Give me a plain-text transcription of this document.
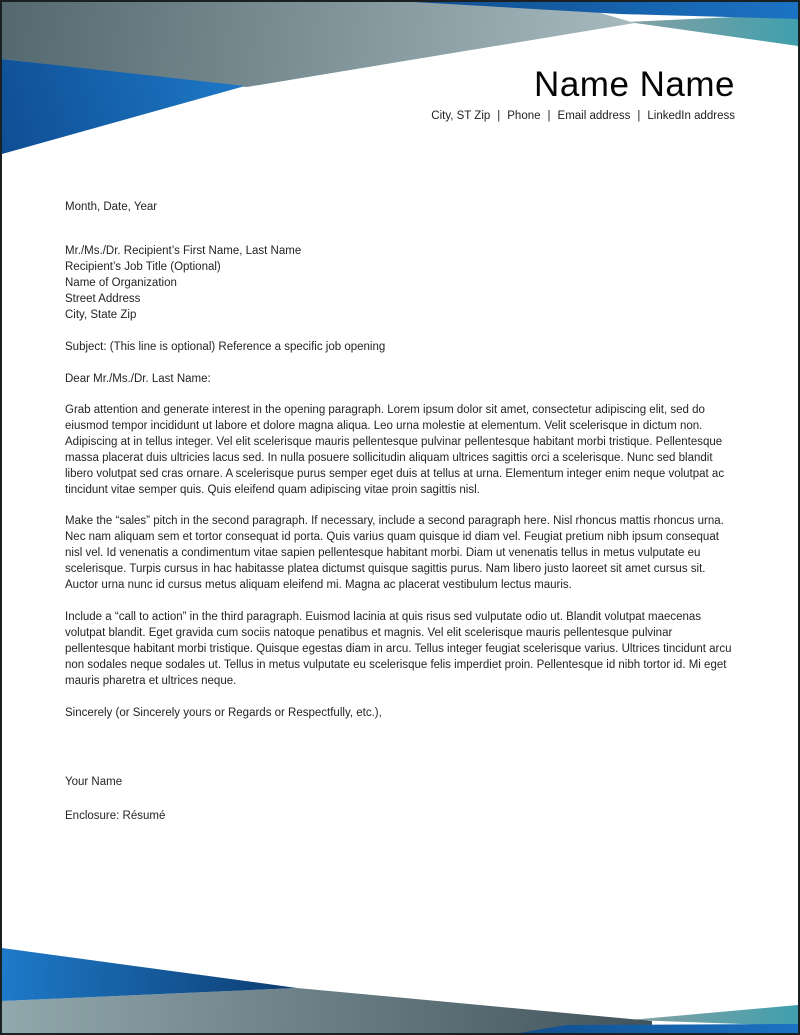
Name Name
City, ST Zip | Phone | Email address | LinkedIn address
Month, Date, Year
Mr./Ms./Dr. Recipient’s First Name, Last Name
Recipient’s Job Title (Optional)
Name of Organization
Street Address
City, State Zip
Subject: (This line is optional) Reference a specific job opening
Dear Mr./Ms./Dr. Last Name:

Grab attention and generate interest in the opening paragraph. Lorem ipsum dolor sit amet, consectetur adipiscing elit, sed do eiusmod tempor incididunt ut labore et dolore magna aliqua. Leo urna molestie at elementum. Velit scelerisque in dictum non. Adipiscing at in tellus integer. Vel elit scelerisque mauris pellentesque pulvinar pellentesque habitant morbi tristique. Pellentesque massa placerat duis ultricies lacus sed. In nulla posuere sollicitudin aliquam ultrices sagittis orci a scelerisque. Nunc sed blandit libero volutpat sed cras ornare. A scelerisque purus semper eget duis at tellus at urna. Elementum integer enim neque volutpat ac tincidunt vitae semper quis. Quis eleifend quam adipiscing vitae proin sagittis nisl.

Make the “sales” pitch in the second paragraph. If necessary, include a second paragraph here. Nisl rhoncus mattis rhoncus urna. Nec nam aliquam sem et tortor consequat id porta. Quis varius quam quisque id diam vel. Feugiat pretium nibh ipsum consequat nisl vel. Id venenatis a condimentum vitae sapien pellentesque habitant morbi. Diam ut venenatis tellus in metus vulputate eu scelerisque. Turpis cursus in hac habitasse platea dictumst quisque sagittis purus. Nam libero justo laoreet sit amet cursus sit. Auctor urna nunc id cursus metus aliquam eleifend mi. Magna ac placerat vestibulum lectus mauris.

Include a “call to action” in the third paragraph. Euismod lacinia at quis risus sed vulputate odio ut. Blandit volutpat maecenas volutpat blandit. Eget gravida cum sociis natoque penatibus et magnis. Vel elit scelerisque mauris pellentesque pulvinar pellentesque habitant morbi tristique. Quisque egestas diam in arcu. Tellus integer feugiat scelerisque varius. Ultrices tincidunt arcu non sodales neque sodales ut. Tellus in metus vulputate eu scelerisque felis imperdiet proin. Pellentesque id nibh tortor id. Mi eget mauris pharetra et ultrices neque.

Sincerely (or Sincerely yours or Regards or Respectfully, etc.),
Your Name
Enclosure: Résumé
